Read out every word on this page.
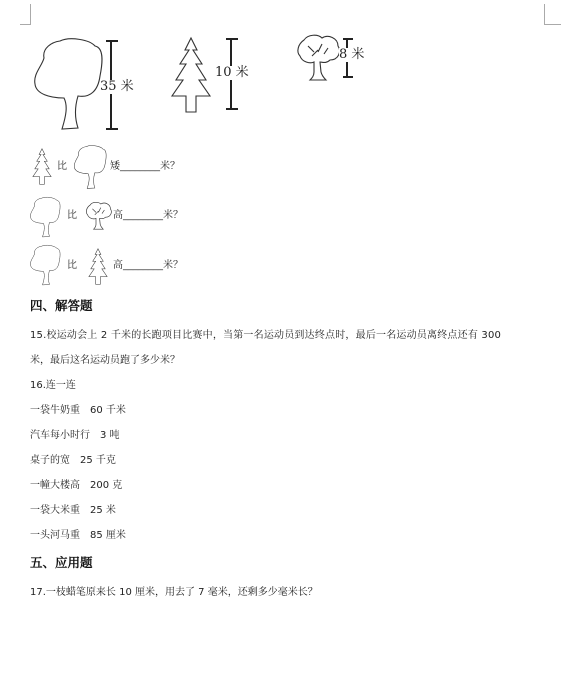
35 米
10 米
8 米
比	矮________米？
比	高________米？
比	高________米？
四、解答题
15.校运动会上 2 千米的长跑项目比赛中，当第一名运动员到达终点时，最后一名运动员离终点还有 300
米，最后这名运动员跑了多少米？
16.连一连
一袋牛奶重　60 千米
汽车每小时行　3 吨
桌子的宽　25 千克
一幢大楼高　200 克
一袋大米重　25 米
一头河马重　85 厘米
五、应用题
17.一枝蜡笔原来长 10 厘米，用去了 7 毫米，还剩多少毫米长？
